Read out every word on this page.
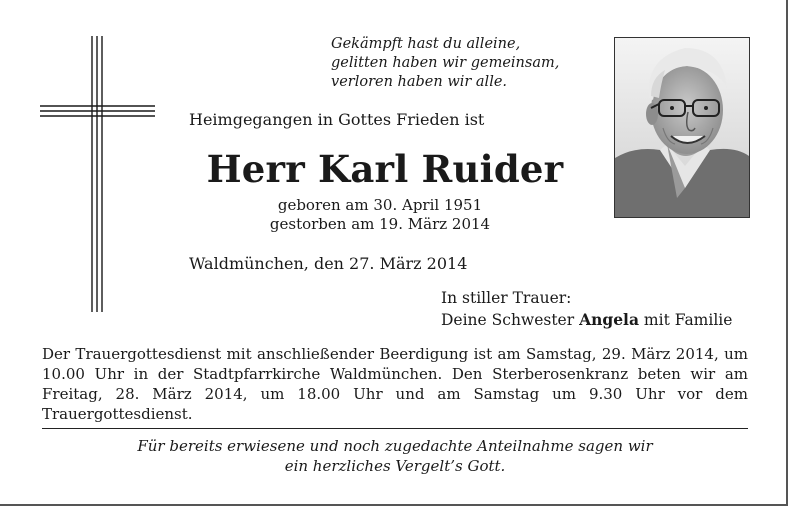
Gekämpft hast du alleine,
gelitten haben wir gemeinsam,
verloren haben wir alle.
Heimgegangen in Gottes Frieden ist
Herr Karl Ruider
geboren am 30. April 1951
gestorben am 19. März 2014
Waldmünchen, den 27. März 2014
In stiller Trauer:
Deine Schwester Angela mit Familie
Der Trauergottesdienst mit anschließender Beerdigung ist am Samstag, 29. März 2014, um 10.00 Uhr in der Stadtpfarrkirche Waldmünchen. Den Sterberosenkranz beten wir am Freitag, 28. März 2014, um 18.00 Uhr und am Samstag um 9.30 Uhr vor dem Trauergottesdienst.
Für bereits erwiesene und noch zugedachte Anteilnahme sagen wir
ein herzliches Vergelt’s Gott.
